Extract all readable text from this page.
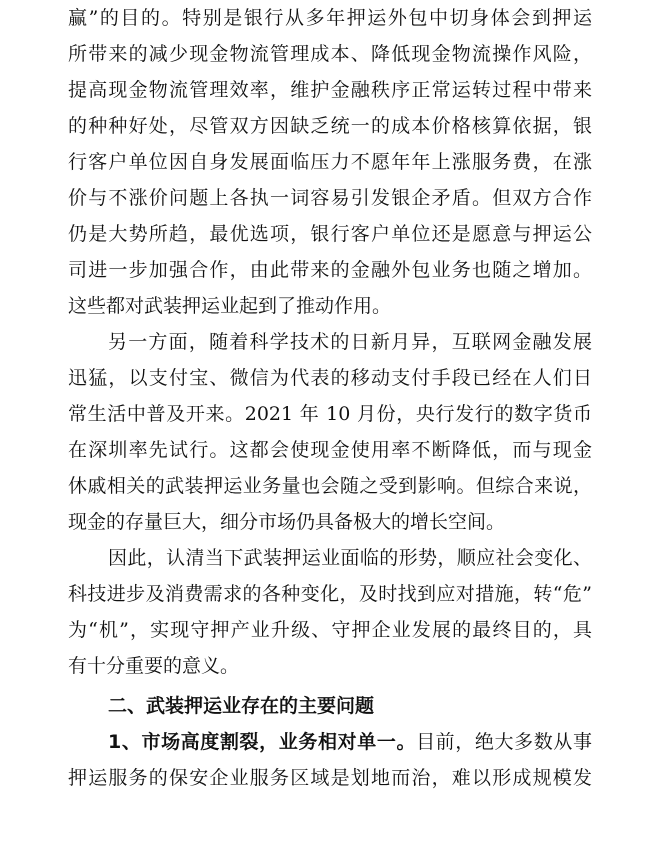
赢”的目的。特别是银行从多年押运外包中切身体会到押运
所带来的减少现金物流管理成本、降低现金物流操作风险，
提高现金物流管理效率，维护金融秩序正常运转过程中带来
的种种好处，尽管双方因缺乏统一的成本价格核算依据，银
行客户单位因自身发展面临压力不愿年年上涨服务费，在涨
价与不涨价问题上各执一词容易引发银企矛盾。但双方合作
仍是大势所趋，最优选项，银行客户单位还是愿意与押运公
司进一步加强合作，由此带来的金融外包业务也随之增加。
这些都对武装押运业起到了推动作用。
另一方面，随着科学技术的日新月异，互联网金融发展
迅猛，以支付宝、微信为代表的移动支付手段已经在人们日
常生活中普及开来。2021 年 10 月份，央行发行的数字货币
在深圳率先试行。这都会使现金使用率不断降低，而与现金
休戚相关的武装押运业务量也会随之受到影响。但综合来说，
现金的存量巨大，细分市场仍具备极大的增长空间。
因此，认清当下武装押运业面临的形势，顺应社会变化、
科技进步及消费需求的各种变化，及时找到应对措施，转“危”
为“机”，实现守押产业升级、守押企业发展的最终目的，具
有十分重要的意义。
二、武装押运业存在的主要问题
1、市场高度割裂，业务相对单一。目前，绝大多数从事
押运服务的保安企业服务区域是划地而治，难以形成规模发
